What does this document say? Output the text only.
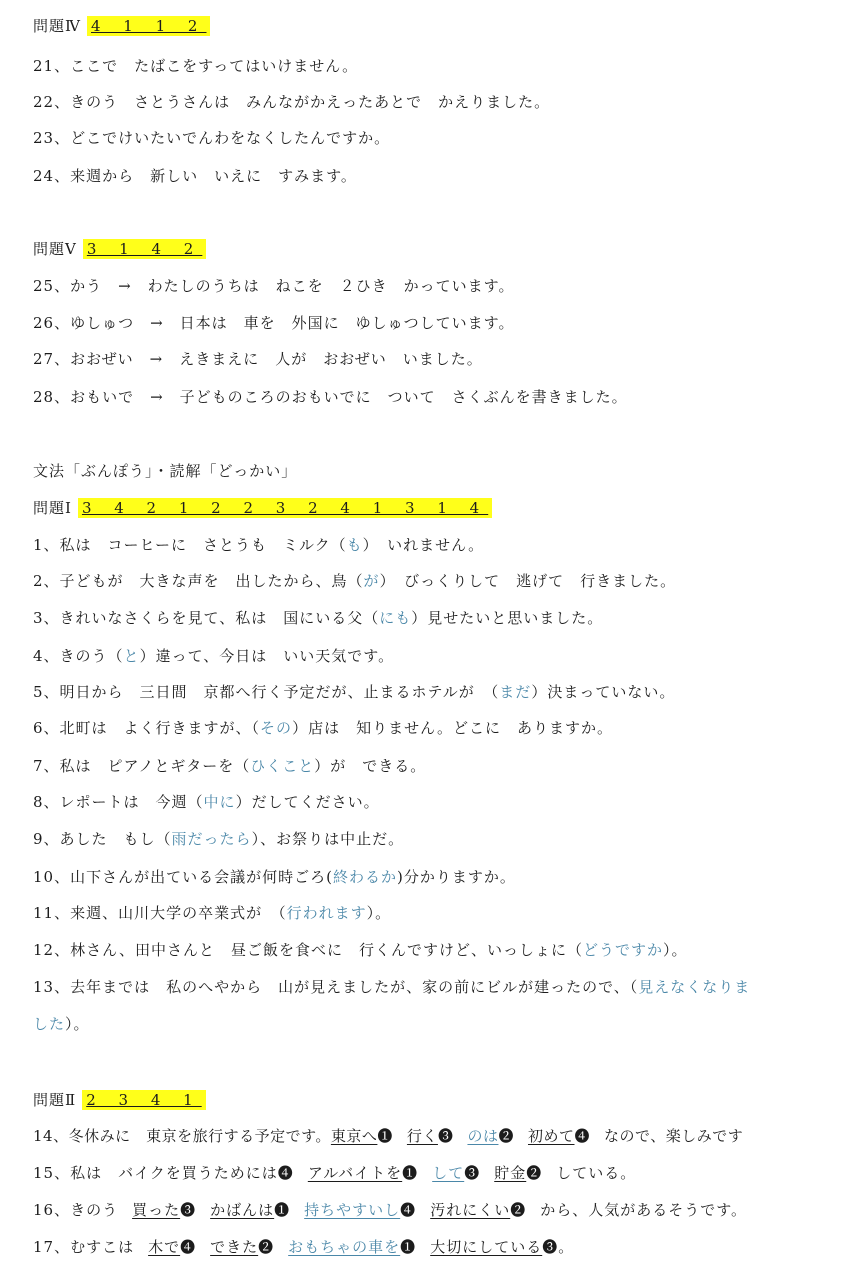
問題Ⅳ 4 1 1 2
21、ここで　たばこをすってはいけません。
22、きのう　さとうさんは　みんながかえったあとで　かえりました。
23、どこでけいたいでんわをなくしたんですか。
24、来週から　新しい　いえに　すみます。
問題Ⅴ 3 1 4 2
25、かう　→　わたしのうちは　ねこを　２ひき　かっています。
26、ゆしゅつ　→　日本は　車を　外国に　ゆしゅつしています。
27、おおぜい　→　えきまえに　人が　おおぜい　いました。
28、おもいで　→　子どものころのおもいでに　ついて　さくぶんを書きました。
文法「ぶんぽう」・読解「どっかい」
問題Ⅰ 3 4 2 1 2 2 3 2 4 1 3 1 4
1、私は　コーヒーに　さとうも　ミルク（も）　いれません。
2、子どもが　大きな声を　出したから、鳥（が）　びっくりして　逃げて　行きました。
3、きれいなさくらを見て、私は　国にいる父（にも）見せたいと思いました。
4、きのう（と）違って、今日は　いい天気です。
5、明日から　三日間　京都へ行く予定だが、止まるホテルが　（まだ）決まっていない。
6、北町は　よく行きますが、（その）店は　知りません。どこに　ありますか。
7、私は　ピアノとギターを（ひくこと）が　できる。
8、レポートは　今週（中に）だしてください。
9、あした　もし（雨だったら）、お祭りは中止だ。
10、山下さんが出ている会議が何時ごろ(終わるか)分かりますか。
11、来週、山川大学の卒業式が　（行われます）。
12、林さん、田中さんと　昼ご飯を食べに　行くんですけど、いっしょに（どうですか）。
13、去年までは　私のへやから　山が見えましたが、家の前にビルが建ったので、（見えなくなりま
した）。
問題Ⅱ 2 3 4 1
14、冬休みに　東京を旅行する予定です。東京へ❶ 行く❸ のは❷ 初めて❹ なので、楽しみです
15、私は　バイクを買うためには❹ アルバイトを❶ して❸ 貯金❷ している。
16、きのう 買った❸ かばんは❶ 持ちやすいし❹ 汚れにくい❷ から、人気があるそうです。
17、むすこは 木で❹ できた❷ おもちゃの車を❶ 大切にしている❸。
